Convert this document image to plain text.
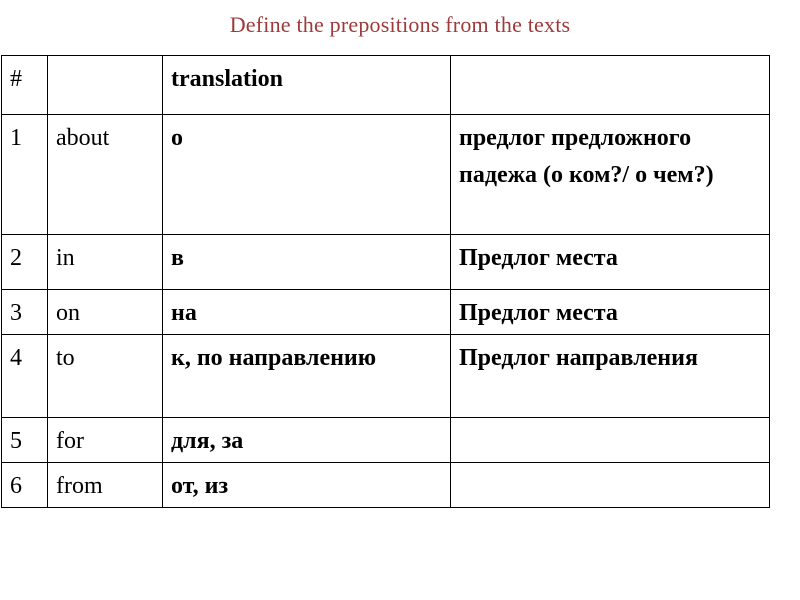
Define the prepositions from the texts
#		translation	
1	about	о	предлог предложного падежа (о ком?/ о чем?)
2	in	в	Предлог места
3	on	на	Предлог места
4	to	к, по направлению	Предлог направления
5	for	для, за	
6	from	от, из	
